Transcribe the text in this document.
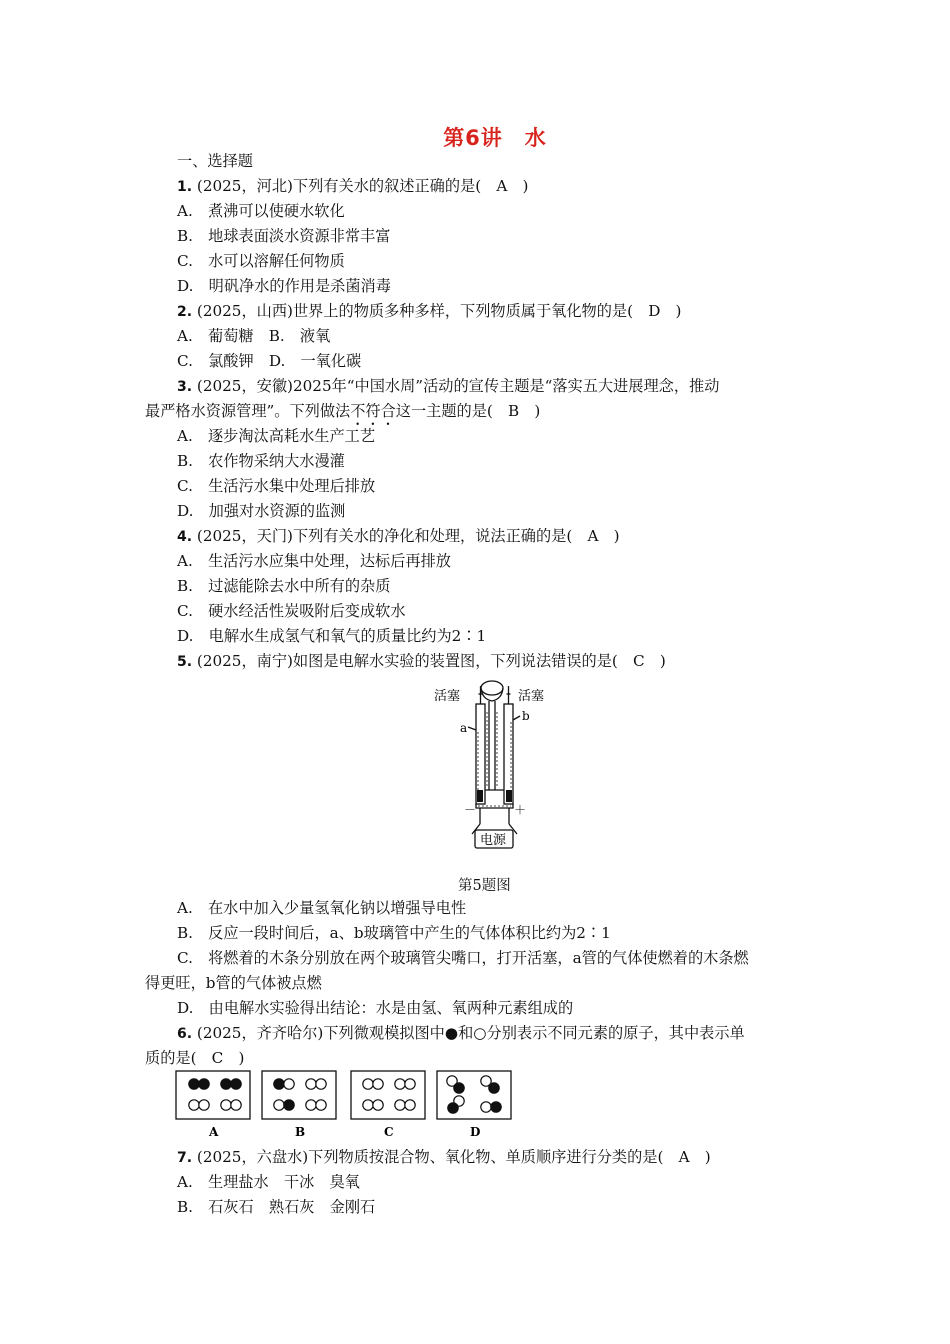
第6讲　水
一、选择题
1. (2025，河北)下列有关水的叙述正确的是(　A　)
A.　煮沸可以使硬水软化
B.　地球表面淡水资源非常丰富
C.　水可以溶解任何物质
D.　明矾净水的作用是杀菌消毒
2. (2025，山西)世界上的物质多种多样，下列物质属于氧化物的是(　D　)
A.　葡萄糖　B.　液氧
C.　氯酸钾　D.　一氧化碳
3. (2025，安徽)2025年“中国水周”活动的宣传主题是“落实五大进展理念，推动
最严格水资源管理”。下列做法不符合这一主题的是(　B　)
A.　逐步淘汰高耗水生产工艺
B.　农作物采纳大水漫灌
C.　生活污水集中处理后排放
D.　加强对水资源的监测
4. (2025，天门)下列有关水的净化和处理，说法正确的是(　A　)
A.　生活污水应集中处理，达标后再排放
B.　过滤能除去水中所有的杂质
C.　硬水经活性炭吸附后变成软水
D.　电解水生成氢气和氧气的质量比约为2∶1
5. (2025，南宁)如图是电解水实验的装置图，下列说法错误的是(　C　)
活塞	活塞
a
b
－	＋
电源
第5题图
A.　在水中加入少量氢氧化钠以增强导电性
B.　反应一段时间后，a、b玻璃管中产生的气体体积比约为2∶1
C.　将燃着的木条分别放在两个玻璃管尖嘴口，打开活塞，a管的气体使燃着的木条燃
得更旺，b管的气体被点燃
D.　由电解水实验得出结论：水是由氢、氧两种元素组成的
6. (2025，齐齐哈尔)下列微观模拟图中●和○分别表示不同元素的原子，其中表示单
质的是(　C　)
A	B	C	D
7. (2025，六盘水)下列物质按混合物、氧化物、单质顺序进行分类的是(　A　)
A.　生理盐水　干冰　臭氧
B.　石灰石　熟石灰　金刚石
